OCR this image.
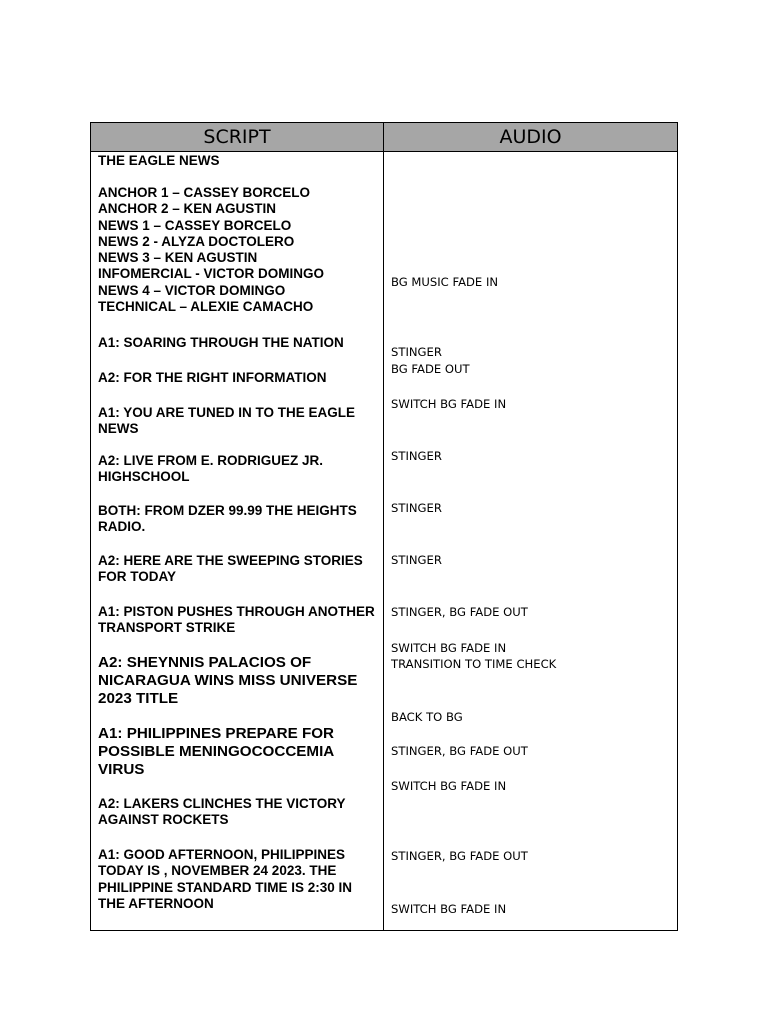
SCRIPT	AUDIO

THE EAGLE NEWS

ANCHOR 1 – CASSEY BORCELO
ANCHOR 2 – KEN AGUSTIN
NEWS 1 – CASSEY BORCELO
NEWS 2 - ALYZA DOCTOLERO
NEWS 3 – KEN AGUSTIN
INFOMERCIAL - VICTOR DOMINGO
NEWS 4 – VICTOR DOMINGO
TECHNICAL – ALEXIE CAMACHO

A1: SOARING THROUGH THE NATION

A2: FOR THE RIGHT INFORMATION

A1: YOU ARE TUNED IN TO THE EAGLE NEWS

A2: LIVE FROM E. RODRIGUEZ JR. HIGHSCHOOL

BOTH: FROM DZER 99.99 THE HEIGHTS RADIO.

A2: HERE ARE THE SWEEPING STORIES FOR TODAY

A1: PISTON PUSHES THROUGH ANOTHER TRANSPORT STRIKE

A2: SHEYNNIS PALACIOS OF NICARAGUA WINS MISS UNIVERSE 2023 TITLE

A1: PHILIPPINES PREPARE FOR POSSIBLE MENINGOCOCCEMIA VIRUS

A2: LAKERS CLINCHES THE VICTORY AGAINST ROCKETS

A1: GOOD AFTERNOON, PHILIPPINES TODAY IS , NOVEMBER 24 2023. THE PHILIPPINE STANDARD TIME IS 2:30 IN THE AFTERNOON

BG MUSIC FADE IN

STINGER

BG FADE OUT

SWITCH BG FADE IN

STINGER

STINGER

STINGER

STINGER, BG FADE OUT

SWITCH BG FADE IN
TRANSITION TO TIME CHECK

BACK TO BG

STINGER, BG FADE OUT

SWITCH BG FADE IN

STINGER, BG FADE OUT

SWITCH BG FADE IN
